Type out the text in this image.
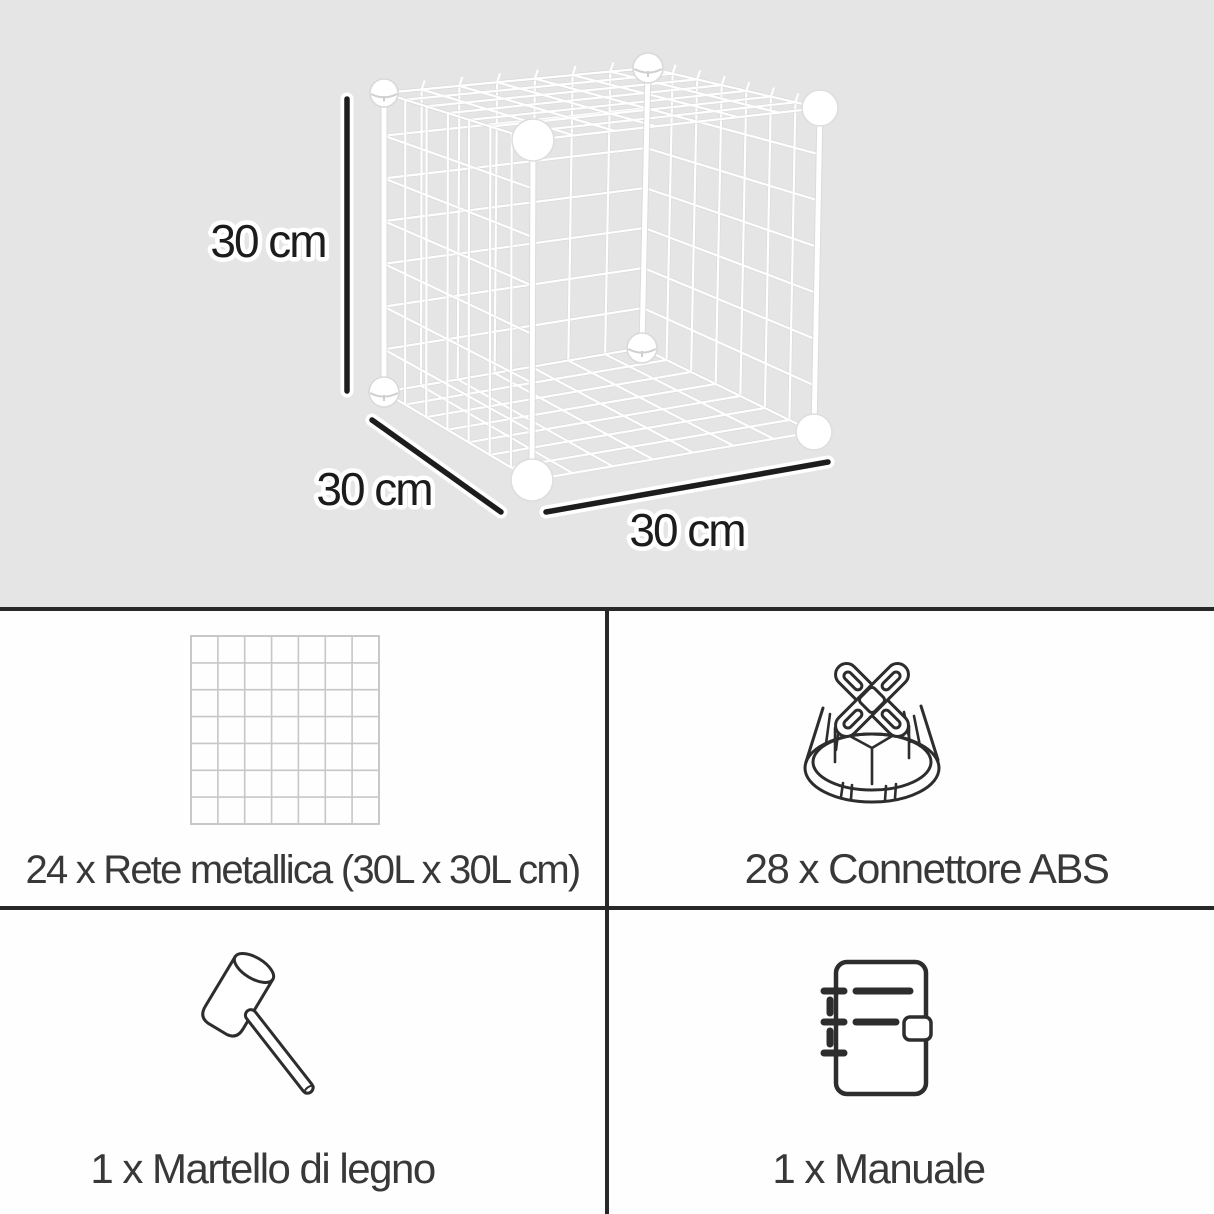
30 cm
30 cm
30 cm
24 x Rete metallica (30L x 30L cm)	28 x Connettore ABS
1 x Martello di legno	1 x Manuale
